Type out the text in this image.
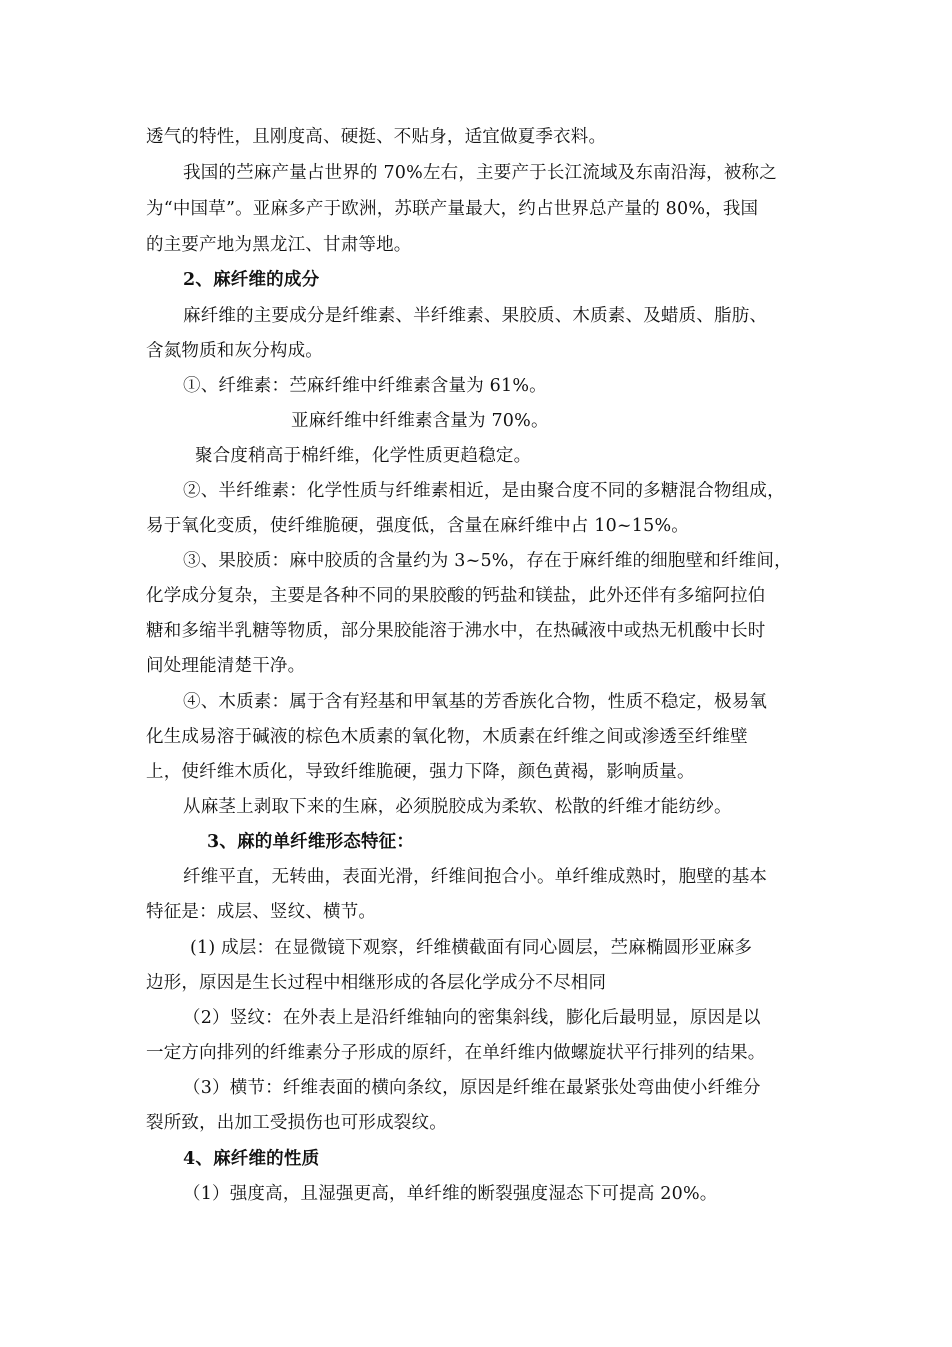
透气的特性，且刚度高、硬挺、不贴身，适宜做夏季衣料。
我国的苎麻产量占世界的 70%左右，主要产于长江流域及东南沿海，被称之
为“中国草”。亚麻多产于欧洲，苏联产量最大，约占世界总产量的 80%，我国
的主要产地为黑龙江、甘肃等地。
2、麻纤维的成分
麻纤维的主要成分是纤维素、半纤维素、果胶质、木质素、及蜡质、脂肪、
含氮物质和灰分构成。
①、纤维素：苎麻纤维中纤维素含量为 61%。
亚麻纤维中纤维素含量为 70%。
聚合度稍高于棉纤维，化学性质更趋稳定。
②、半纤维素：化学性质与纤维素相近，是由聚合度不同的多糖混合物组成，
易于氧化变质，使纤维脆硬，强度低，含量在麻纤维中占 10~15%。
③、果胶质：麻中胶质的含量约为 3~5%，存在于麻纤维的细胞壁和纤维间，
化学成分复杂，主要是各种不同的果胶酸的钙盐和镁盐，此外还伴有多缩阿拉伯
糖和多缩半乳糖等物质，部分果胶能溶于沸水中，在热碱液中或热无机酸中长时
间处理能清楚干净。
④、木质素：属于含有羟基和甲氧基的芳香族化合物，性质不稳定，极易氧
化生成易溶于碱液的棕色木质素的氧化物，木质素在纤维之间或渗透至纤维壁
上，使纤维木质化，导致纤维脆硬，强力下降，颜色黄褐，影响质量。
从麻茎上剥取下来的生麻，必须脱胶成为柔软、松散的纤维才能纺纱。
3、麻的单纤维形态特征：
纤维平直，无转曲，表面光滑，纤维间抱合小。单纤维成熟时，胞壁的基本
特征是：成层、竖纹、横节。
(1) 成层：在显微镜下观察，纤维横截面有同心圆层，苎麻椭圆形亚麻多
边形，原因是生长过程中相继形成的各层化学成分不尽相同
（2）竖纹：在外表上是沿纤维轴向的密集斜线，膨化后最明显，原因是以
一定方向排列的纤维素分子形成的原纤，在单纤维内做螺旋状平行排列的结果。
（3）横节：纤维表面的横向条纹，原因是纤维在最紧张处弯曲使小纤维分
裂所致，出加工受损伤也可形成裂纹。
4、麻纤维的性质
（1）强度高，且湿强更高，单纤维的断裂强度湿态下可提高 20%。
